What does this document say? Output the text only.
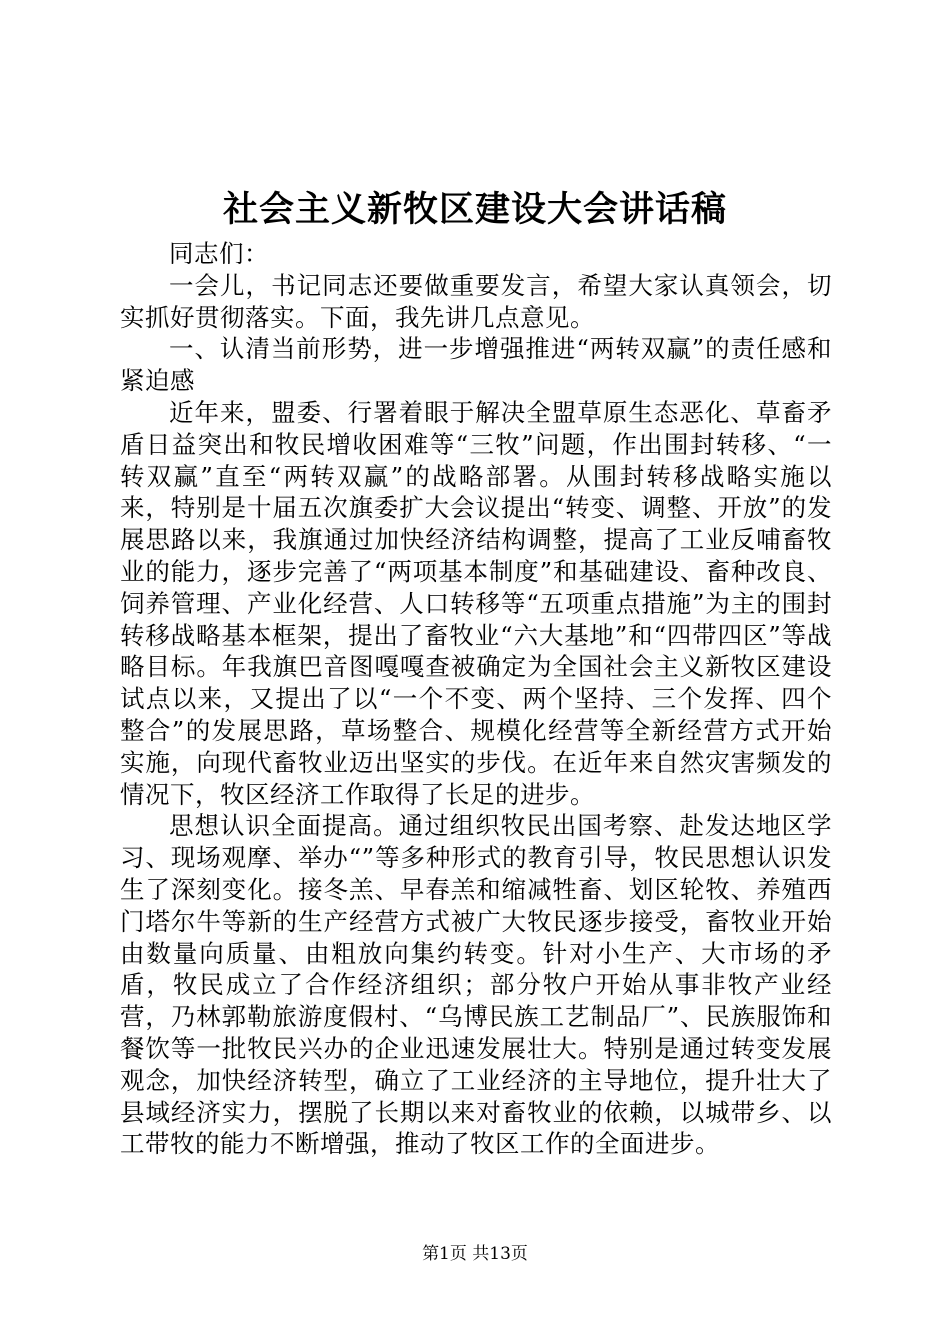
社会主义新牧区建设大会讲话稿

同志们：

一会儿，书记同志还要做重要发言，希望大家认真领会，切实抓好贯彻落实。下面，我先讲几点意见。

一、认清当前形势，进一步增强推进“两转双赢”的责任感和紧迫感

近年来，盟委、行署着眼于解决全盟草原生态恶化、草畜矛盾日益突出和牧民增收困难等“三牧”问题，作出围封转移、“一转双赢”直至“两转双赢”的战略部署。从围封转移战略实施以来，特别是十届五次旗委扩大会议提出“转变、调整、开放”的发展思路以来，我旗通过加快经济结构调整，提高了工业反哺畜牧业的能力，逐步完善了“两项基本制度”和基础建设、畜种改良、饲养管理、产业化经营、人口转移等“五项重点措施”为主的围封转移战略基本框架，提出了畜牧业“六大基地”和“四带四区”等战略目标。年我旗巴音图嘎嘎查被确定为全国社会主义新牧区建设试点以来，又提出了以“一个不变、两个坚持、三个发挥、四个整合”的发展思路，草场整合、规模化经营等全新经营方式开始实施，向现代畜牧业迈出坚实的步伐。在近年来自然灾害频发的情况下，牧区经济工作取得了长足的进步。

思想认识全面提高。通过组织牧民出国考察、赴发达地区学习、现场观摩、举办“”等多种形式的教育引导，牧民思想认识发生了深刻变化。接冬羔、早春羔和缩减牲畜、划区轮牧、养殖西门塔尔牛等新的生产经营方式被广大牧民逐步接受，畜牧业开始由数量向质量、由粗放向集约转变。针对小生产、大市场的矛盾，牧民成立了合作经济组织；部分牧户开始从事非牧产业经营，乃林郭勒旅游度假村、“乌博民族工艺制品厂”、民族服饰和餐饮等一批牧民兴办的企业迅速发展壮大。特别是通过转变发展观念，加快经济转型，确立了工业经济的主导地位，提升壮大了县域经济实力，摆脱了长期以来对畜牧业的依赖，以城带乡、以工带牧的能力不断增强，推动了牧区工作的全面进步。

第1页 共13页
